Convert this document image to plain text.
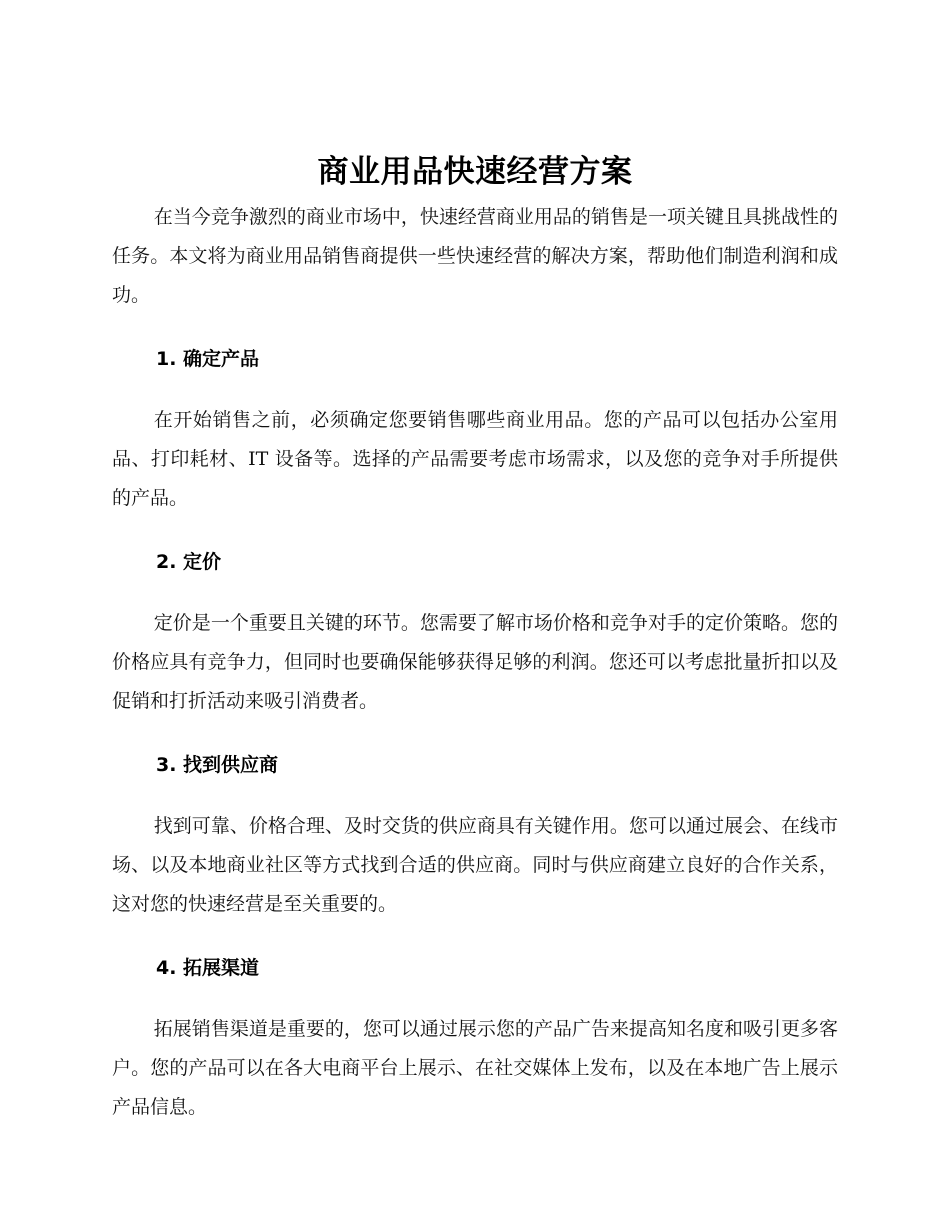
商业用品快速经营方案

在当今竞争激烈的商业市场中，快速经营商业用品的销售是一项关键且具挑战性的任务。本文将为商业用品销售商提供一些快速经营的解决方案，帮助他们制造利润和成功。

1. 确定产品

在开始销售之前，必须确定您要销售哪些商业用品。您的产品可以包括办公室用品、打印耗材、IT 设备等。选择的产品需要考虑市场需求，以及您的竞争对手所提供的产品。

2. 定价

定价是一个重要且关键的环节。您需要了解市场价格和竞争对手的定价策略。您的价格应具有竞争力，但同时也要确保能够获得足够的利润。您还可以考虑批量折扣以及促销和打折活动来吸引消费者。

3. 找到供应商

找到可靠、价格合理、及时交货的供应商具有关键作用。您可以通过展会、在线市场、以及本地商业社区等方式找到合适的供应商。同时与供应商建立良好的合作关系，这对您的快速经营是至关重要的。

4. 拓展渠道

拓展销售渠道是重要的，您可以通过展示您的产品广告来提高知名度和吸引更多客户。您的产品可以在各大电商平台上展示、在社交媒体上发布，以及在本地广告上展示产品信息。
